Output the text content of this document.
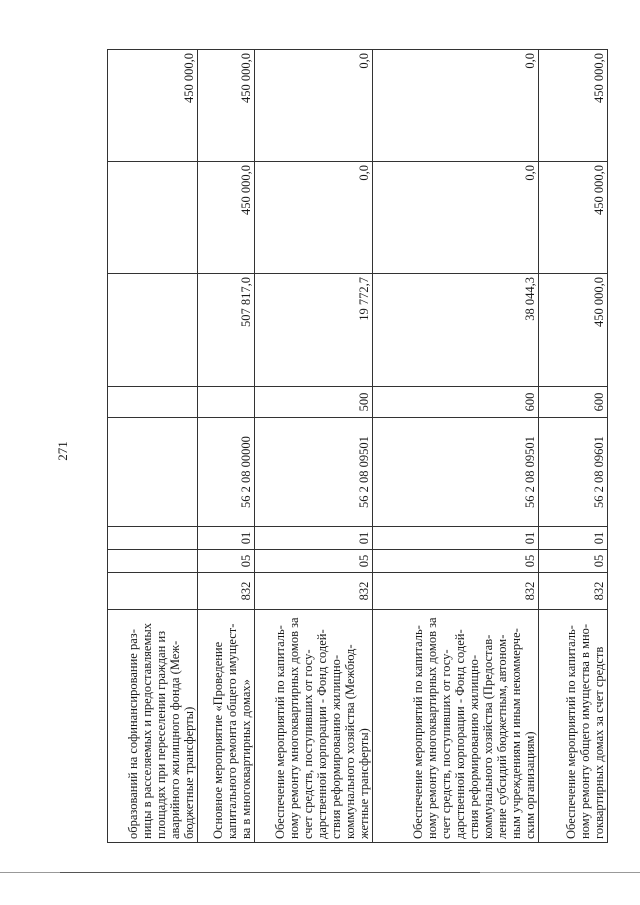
271
образований на софинансирование раз-ницы в расселяемых и предоставляемых площадях при переселении граждан из аварийного жилищного фонда (Меж-бюджетные трансферты)								450 000,0
Основное мероприятие «Проведение капитального ремонта общего имущест-ва в многоквартирных домах»	832	05	01	56 2 08 00000		507 817,0	450 000,0	450 000,0
Обеспечение мероприятий по капиталь-ному ремонту многоквартирных домов за счет средств, поступивших от госу-дарственной корпорации - Фонд содей-ствия реформированию жилищно-коммунального хозяйства (Межбюд-жетные трансферты)	832	05	01	56 2 08 09501	500	19 772,7	0,0	0,0
Обеспечение мероприятий по капиталь-ному ремонту многоквартирных домов за счет средств, поступивших от госу-дарственной корпорации - Фонд содей-ствия реформированию жилищно-коммунального хозяйства (Предостав-ление субсидий бюджетным, автоном-ным учреждениям и иным некоммерче-ским организациям)	832	05	01	56 2 08 09501	600	38 044,3	0,0	0,0
Обеспечение мероприятий по капиталь-ному ремонту общего имущества в мно-гоквартирных домах за счет средств	832	05	01	56 2 08 09601	600	450 000,0	450 000,0	450 000,0
